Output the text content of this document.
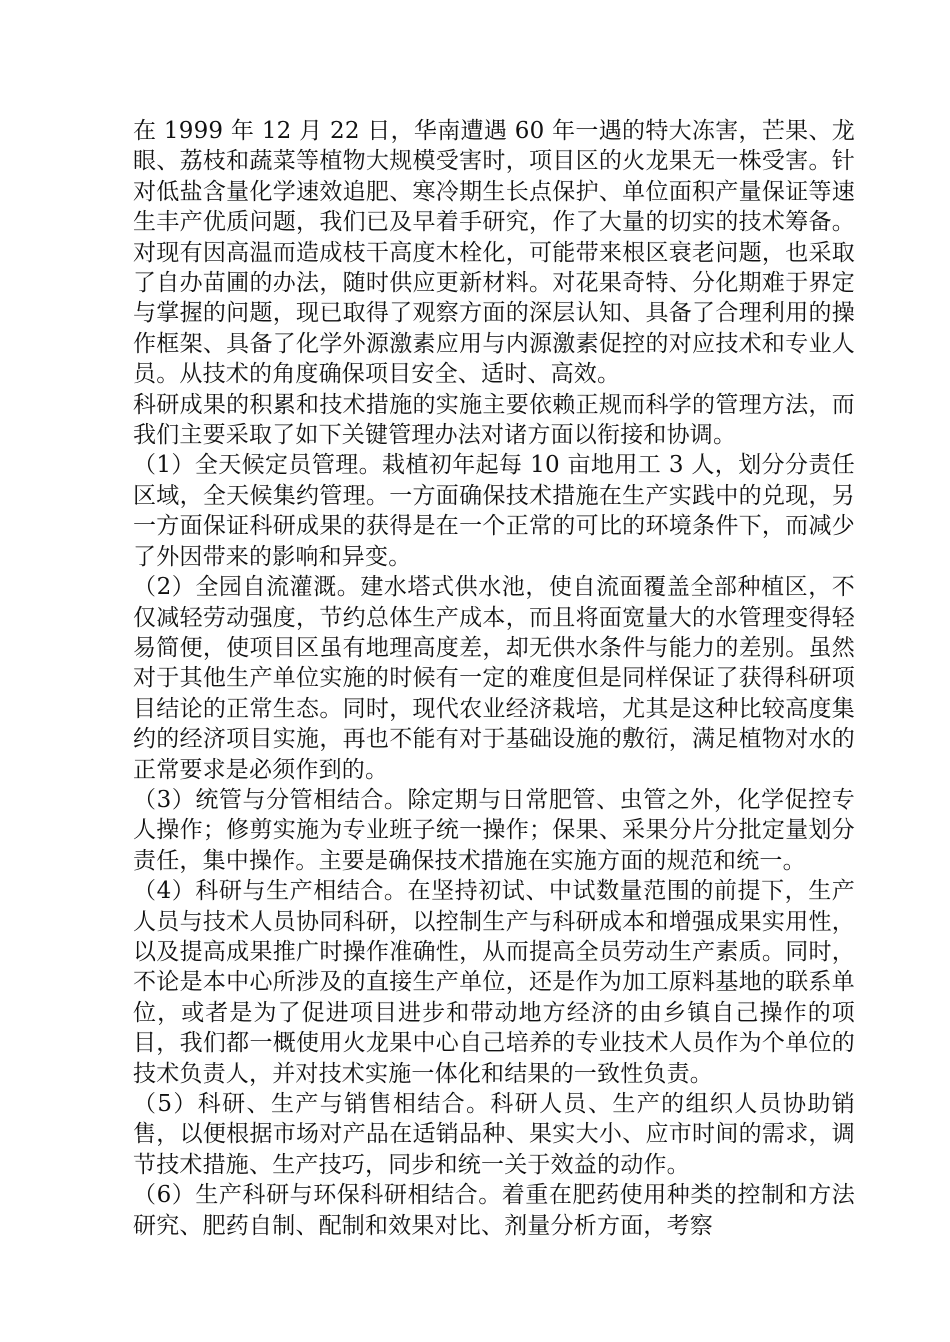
在 1999 年 12 月 22 日，华南遭遇 60 年一遇的特大冻害，芒果、龙眼、荔枝和蔬菜等植物大规模受害时，项目区的火龙果无一株受害。针对低盐含量化学速效追肥、寒冷期生长点保护、单位面积产量保证等速生丰产优质问题，我们已及早着手研究，作了大量的切实的技术筹备。对现有因高温而造成枝干高度木栓化，可能带来根区衰老问题，也采取了自办苗圃的办法，随时供应更新材料。对花果奇特、分化期难于界定与掌握的问题，现已取得了观察方面的深层认知、具备了合理利用的操作框架、具备了化学外源激素应用与内源激素促控的对应技术和专业人员。从技术的角度确保项目安全、适时、高效。

科研成果的积累和技术措施的实施主要依赖正规而科学的管理方法，而我们主要采取了如下关键管理办法对诸方面以衔接和协调。

（1）全天候定员管理。栽植初年起每 10 亩地用工 3 人，划分分责任区域，全天候集约管理。一方面确保技术措施在生产实践中的兑现，另一方面保证科研成果的获得是在一个正常的可比的环境条件下，而减少了外因带来的影响和异变。

（2）全园自流灌溉。建水塔式供水池，使自流面覆盖全部种植区，不仅减轻劳动强度，节约总体生产成本，而且将面宽量大的水管理变得轻易简便，使项目区虽有地理高度差，却无供水条件与能力的差别。虽然对于其他生产单位实施的时候有一定的难度但是同样保证了获得科研项目结论的正常生态。同时，现代农业经济栽培，尤其是这种比较高度集约的经济项目实施，再也不能有对于基础设施的敷衍，满足植物对水的正常要求是必须作到的。

（3）统管与分管相结合。除定期与日常肥管、虫管之外，化学促控专人操作；修剪实施为专业班子统一操作；保果、采果分片分批定量划分责任，集中操作。主要是确保技术措施在实施方面的规范和统一。

（4）科研与生产相结合。在坚持初试、中试数量范围的前提下，生产人员与技术人员协同科研，以控制生产与科研成本和增强成果实用性，以及提高成果推广时操作准确性，从而提高全员劳动生产素质。同时，不论是本中心所涉及的直接生产单位，还是作为加工原料基地的联系单位，或者是为了促进项目进步和带动地方经济的由乡镇自己操作的项目，我们都一概使用火龙果中心自己培养的专业技术人员作为个单位的技术负责人，并对技术实施一体化和结果的一致性负责。

（5）科研、生产与销售相结合。科研人员、生产的组织人员协助销售，以便根据市场对产品在适销品种、果实大小、应市时间的需求，调节技术措施、生产技巧，同步和统一关于效益的动作。

（6）生产科研与环保科研相结合。着重在肥药使用种类的控制和方法研究、肥药自制、配制和效果对比、剂量分析方面，考察
